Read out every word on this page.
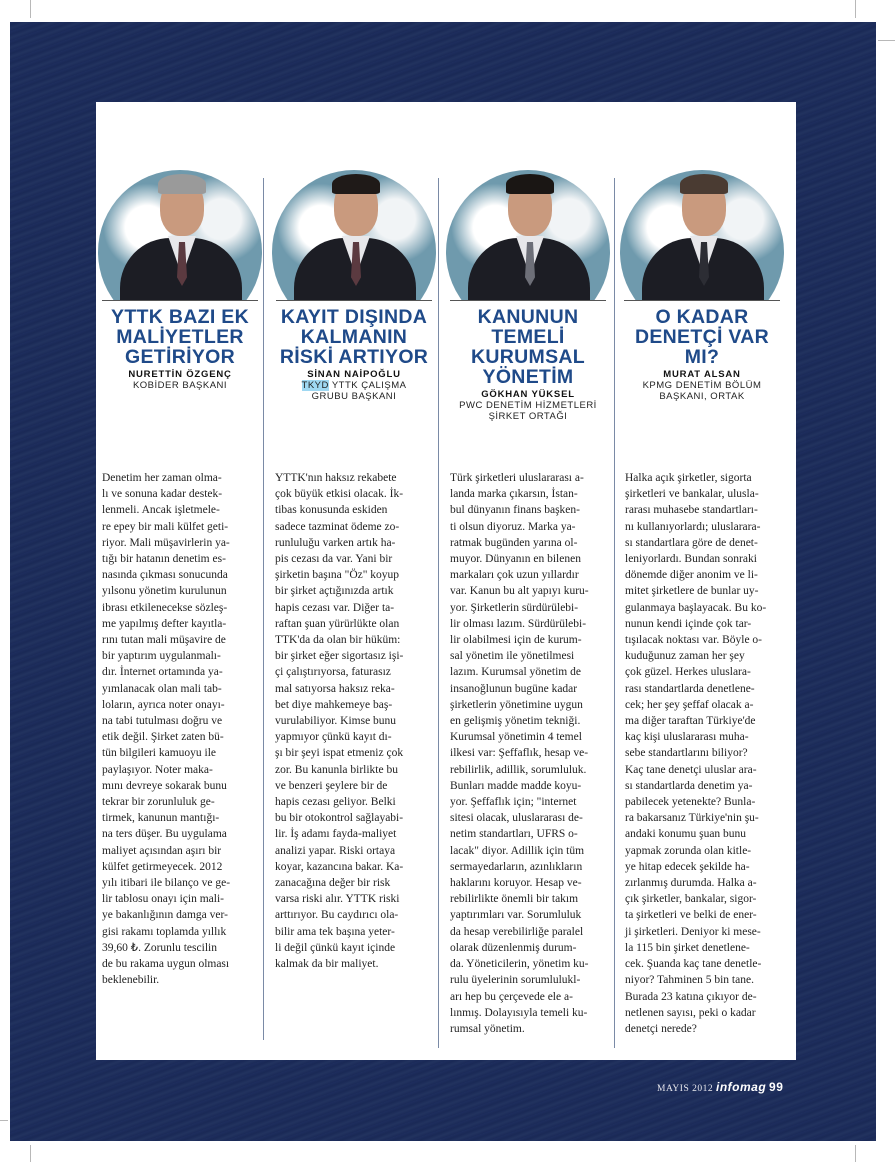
YTTK BAZI EK
MALİYETLER
GETİRİYOR
NURETTİN ÖZGENÇ
KOBİDER BAŞKANI
Denetim her zaman olma-
lı ve sonuna kadar destek-
lenmeli. Ancak işletmele-
re epey bir mali külfet geti-
riyor. Mali müşavirlerin ya-
tığı bir hatanın denetim es-
nasında çıkması sonucunda
yılsonu yönetim kurulunun
ibrası etkilenecekse sözleş-
me yapılmış defter kayıtla-
rını tutan mali müşavire de
bir yaptırım uygulanmalı-
dır. İnternet ortamında ya-
yımlanacak olan mali tab-
loların, ayrıca noter onayı-
na tabi tutulması doğru ve
etik değil. Şirket zaten bü-
tün bilgileri kamuoyu ile
paylaşıyor. Noter maka-
mını devreye sokarak bunu
tekrar bir zorunluluk ge-
tirmek, kanunun mantığı-
na ters düşer. Bu uygulama
maliyet açısından aşırı bir
külfet getirmeyecek. 2012
yılı itibari ile bilanço ve ge-
lir tablosu onayı için mali-
ye bakanlığının damga ver-
gisi rakamı toplamda yıllık
39,60 ₺. Zorunlu tescilin
de bu rakama uygun olması
beklenebilir.
KAYIT DIŞINDA
KALMANIN
RİSKİ ARTIYOR
SİNAN NAİPOĞLU
TKYD YTTK ÇALIŞMA
GRUBU BAŞKANI
YTTK'nın haksız rekabete
çok büyük etkisi olacak. İk-
tibas konusunda eskiden
sadece tazminat ödeme zo-
runluluğu varken artık ha-
pis cezası da var. Yani bir
şirketin başına "Öz" koyup
bir şirket açtığınızda artık
hapis cezası var. Diğer ta-
raftan şuan yürürlükte olan
TTK'da da olan bir hüküm:
bir şirket eğer sigortasız işi-
çi çalıştırıyorsa, faturasız
mal satıyorsa haksız reka-
bet diye mahkemeye baş-
vurulabiliyor. Kimse bunu
yapmıyor çünkü kayıt dı-
şı bir şeyi ispat etmeniz çok
zor. Bu kanunla birlikte bu
ve benzeri şeylere bir de
hapis cezası geliyor. Belki
bu bir otokontrol sağlayabi-
lir. İş adamı fayda-maliyet
analizi yapar. Riski ortaya
koyar, kazancına bakar. Ka-
zanacağına değer bir risk
varsa riski alır. YTTK riski
arttırıyor. Bu caydırıcı ola-
bilir ama tek başına yeter-
li değil çünkü kayıt içinde
kalmak da bir maliyet.
KANUNUN
TEMELİ
KURUMSAL
YÖNETİM
GÖKHAN YÜKSEL
PWC DENETİM HİZMETLERİ
ŞİRKET ORTAĞI
Türk şirketleri uluslararası a-
landa marka çıkarsın, İstan-
bul dünyanın finans başken-
ti olsun diyoruz. Marka ya-
ratmak bugünden yarına ol-
muyor. Dünyanın en bilenen
markaları çok uzun yıllardır
var. Kanun bu alt yapıyı kuru-
yor. Şirketlerin sürdürülebi-
lir olması lazım. Sürdürülebi-
lir olabilmesi için de kurum-
sal yönetim ile yönetilmesi
lazım. Kurumsal yönetim de
insanoğlunun bugüne kadar
şirketlerin yönetimine uygun
en gelişmiş yönetim tekniği.
Kurumsal yönetimin 4 temel
ilkesi var: Şeffaflık, hesap ve-
rebilirlik, adillik, sorumluluk.
Bunları madde madde koyu-
yor. Şeffaflık için; "internet
sitesi olacak, uluslararası de-
netim standartları, UFRS o-
lacak" diyor. Adillik için tüm
sermayedarların, azınlıkların
haklarını koruyor. Hesap ve-
rebilirlikte önemli bir takım
yaptırımları var. Sorumluluk
da hesap verebilirliğe paralel
olarak düzenlenmiş durum-
da. Yöneticilerin, yönetim ku-
rulu üyelerinin sorumlulukl-
arı hep bu çerçevede ele a-
lınmış. Dolayısıyla temeli ku-
rumsal yönetim.
O KADAR
DENETÇİ VAR
MI?
MURAT ALSAN
KPMG DENETİM BÖLÜM
BAŞKANI, ORTAK
Halka açık şirketler, sigorta
şirketleri ve bankalar, ulusla-
rarası muhasebe standartları-
nı kullanıyorlardı; uluslarara-
sı standartlara göre de denet-
leniyorlardı. Bundan sonraki
dönemde diğer anonim ve li-
mitet şirketlere de bunlar uy-
gulanmaya başlayacak. Bu ko-
nunun kendi içinde çok tar-
tışılacak noktası var. Böyle o-
kuduğunuz zaman her şey
çok güzel. Herkes uluslara-
rası standartlarda denetlene-
cek; her şey şeffaf olacak a-
ma diğer taraftan Türkiye'de
kaç kişi uluslararası muha-
sebe standartlarını biliyor?
Kaç tane denetçi uluslar ara-
sı standartlarda denetim ya-
pabilecek yetenekte? Bunla-
ra bakarsanız Türkiye'nin şu-
andaki konumu şuan bunu
yapmak zorunda olan kitle-
ye hitap edecek şekilde ha-
zırlanmış durumda. Halka a-
çık şirketler, bankalar, sigor-
ta şirketleri ve belki de ener-
ji şirketleri. Deniyor ki mese-
la 115 bin şirket denetlene-
cek. Şuanda kaç tane denetle-
niyor? Tahminen 5 bin tane.
Burada 23 katına çıkıyor de-
netlenen sayısı, peki o kadar
denetçi nerede?
MAYIS 2012 infomag 99
